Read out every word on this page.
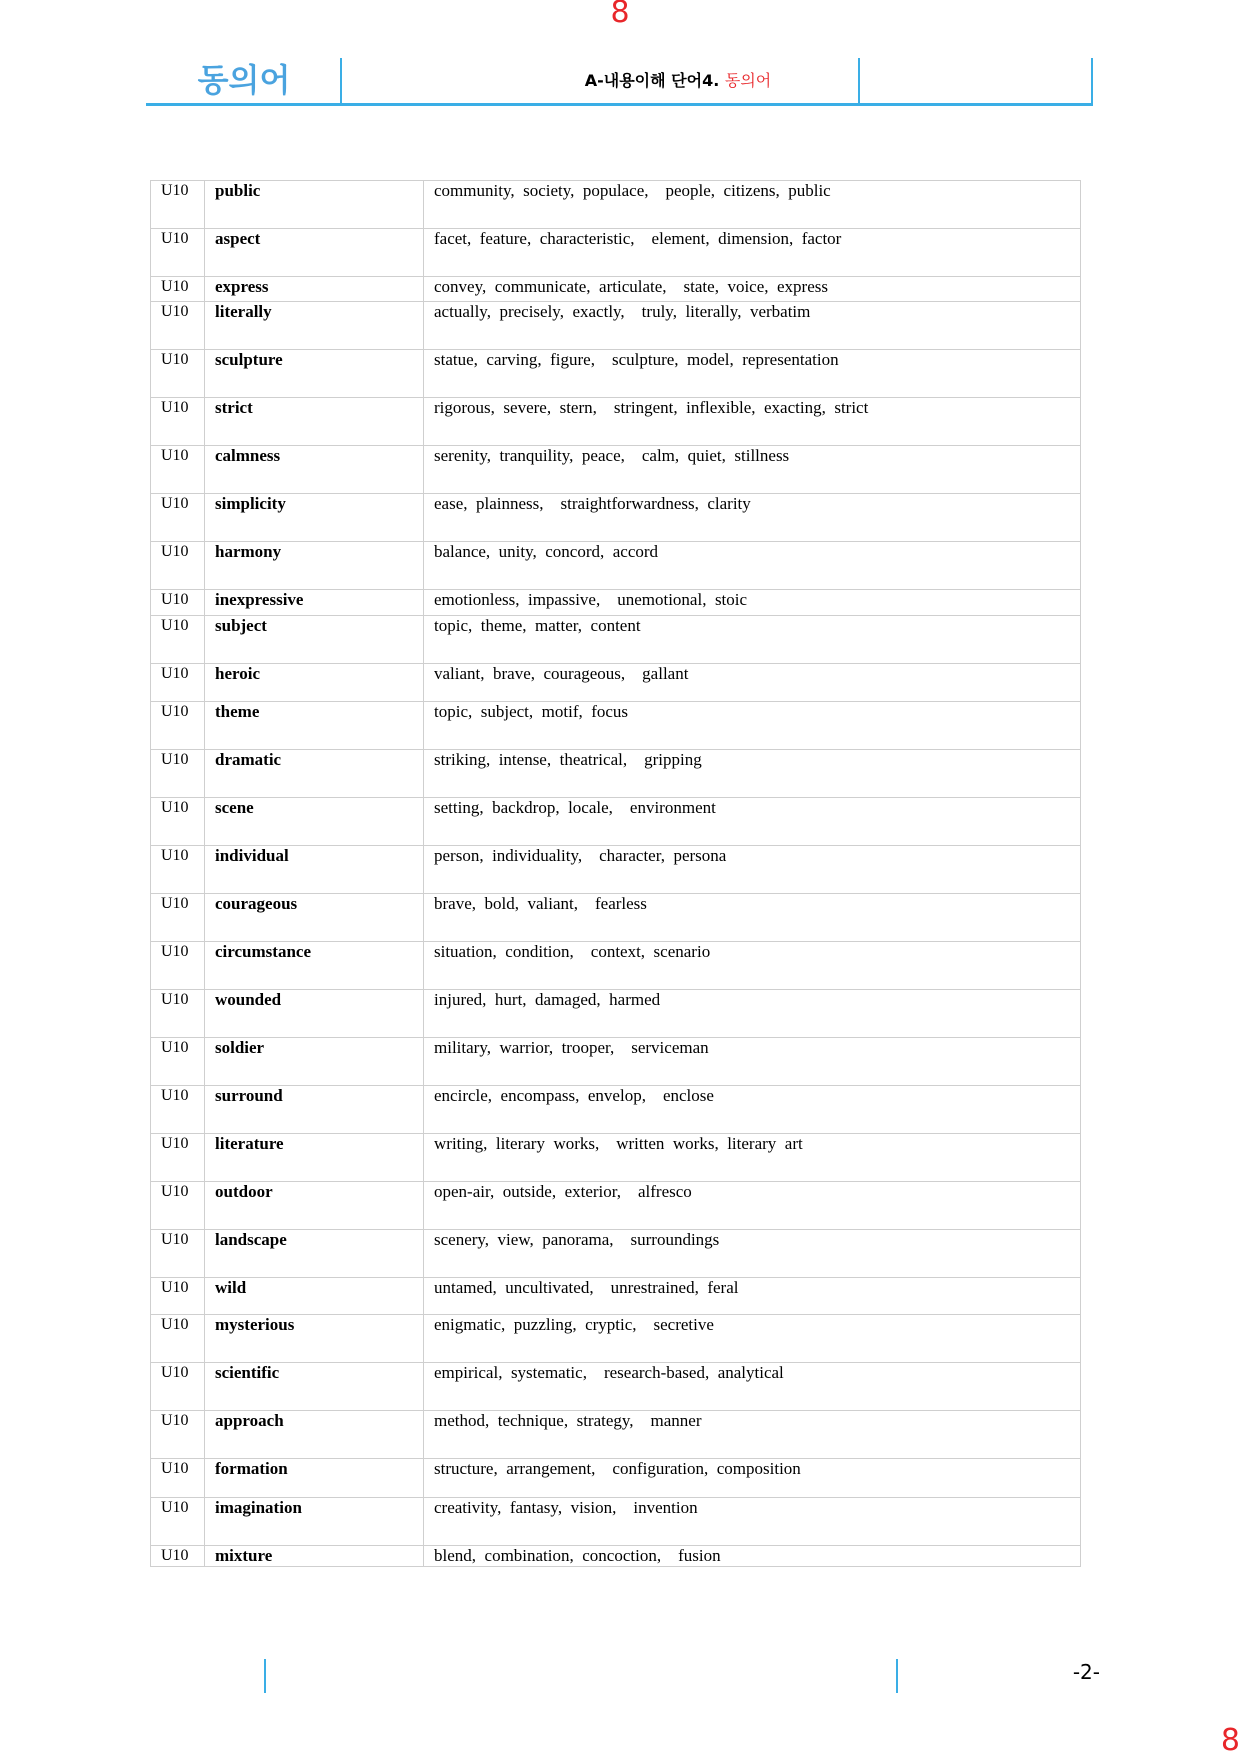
8
동의어	A-내용이해 단어4. 동의어
U10	public	community,  society,  populace,    people,  citizens,  public
U10	aspect	facet,  feature,  characteristic,    element,  dimension,  factor
U10	express	convey,  communicate,  articulate,    state,  voice,  express
U10	literally	actually,  precisely,  exactly,    truly,  literally,  verbatim
U10	sculpture	statue,  carving,  figure,    sculpture,  model,  representation
U10	strict	rigorous,  severe,  stern,    stringent,  inflexible,  exacting,  strict
U10	calmness	serenity,  tranquility,  peace,    calm,  quiet,  stillness
U10	simplicity	ease,  plainness,    straightforwardness,  clarity
U10	harmony	balance,  unity,  concord,  accord
U10	inexpressive	emotionless,  impassive,    unemotional,  stoic
U10	subject	topic,  theme,  matter,  content
U10	heroic	valiant,  brave,  courageous,    gallant
U10	theme	topic,  subject,  motif,  focus
U10	dramatic	striking,  intense,  theatrical,    gripping
U10	scene	setting,  backdrop,  locale,    environment
U10	individual	person,  individuality,    character,  persona
U10	courageous	brave,  bold,  valiant,    fearless
U10	circumstance	situation,  condition,    context,  scenario
U10	wounded	injured,  hurt,  damaged,  harmed
U10	soldier	military,  warrior,  trooper,    serviceman
U10	surround	encircle,  encompass,  envelop,    enclose
U10	literature	writing,  literary  works,    written  works,  literary  art
U10	outdoor	open-air,  outside,  exterior,    alfresco
U10	landscape	scenery,  view,  panorama,    surroundings
U10	wild	untamed,  uncultivated,    unrestrained,  feral
U10	mysterious	enigmatic,  puzzling,  cryptic,    secretive
U10	scientific	empirical,  systematic,    research-based,  analytical
U10	approach	method,  technique,  strategy,    manner
U10	formation	structure,  arrangement,    configuration,  composition
U10	imagination	creativity,  fantasy,  vision,    invention
U10	mixture	blend,  combination,  concoction,    fusion
-2-
8
